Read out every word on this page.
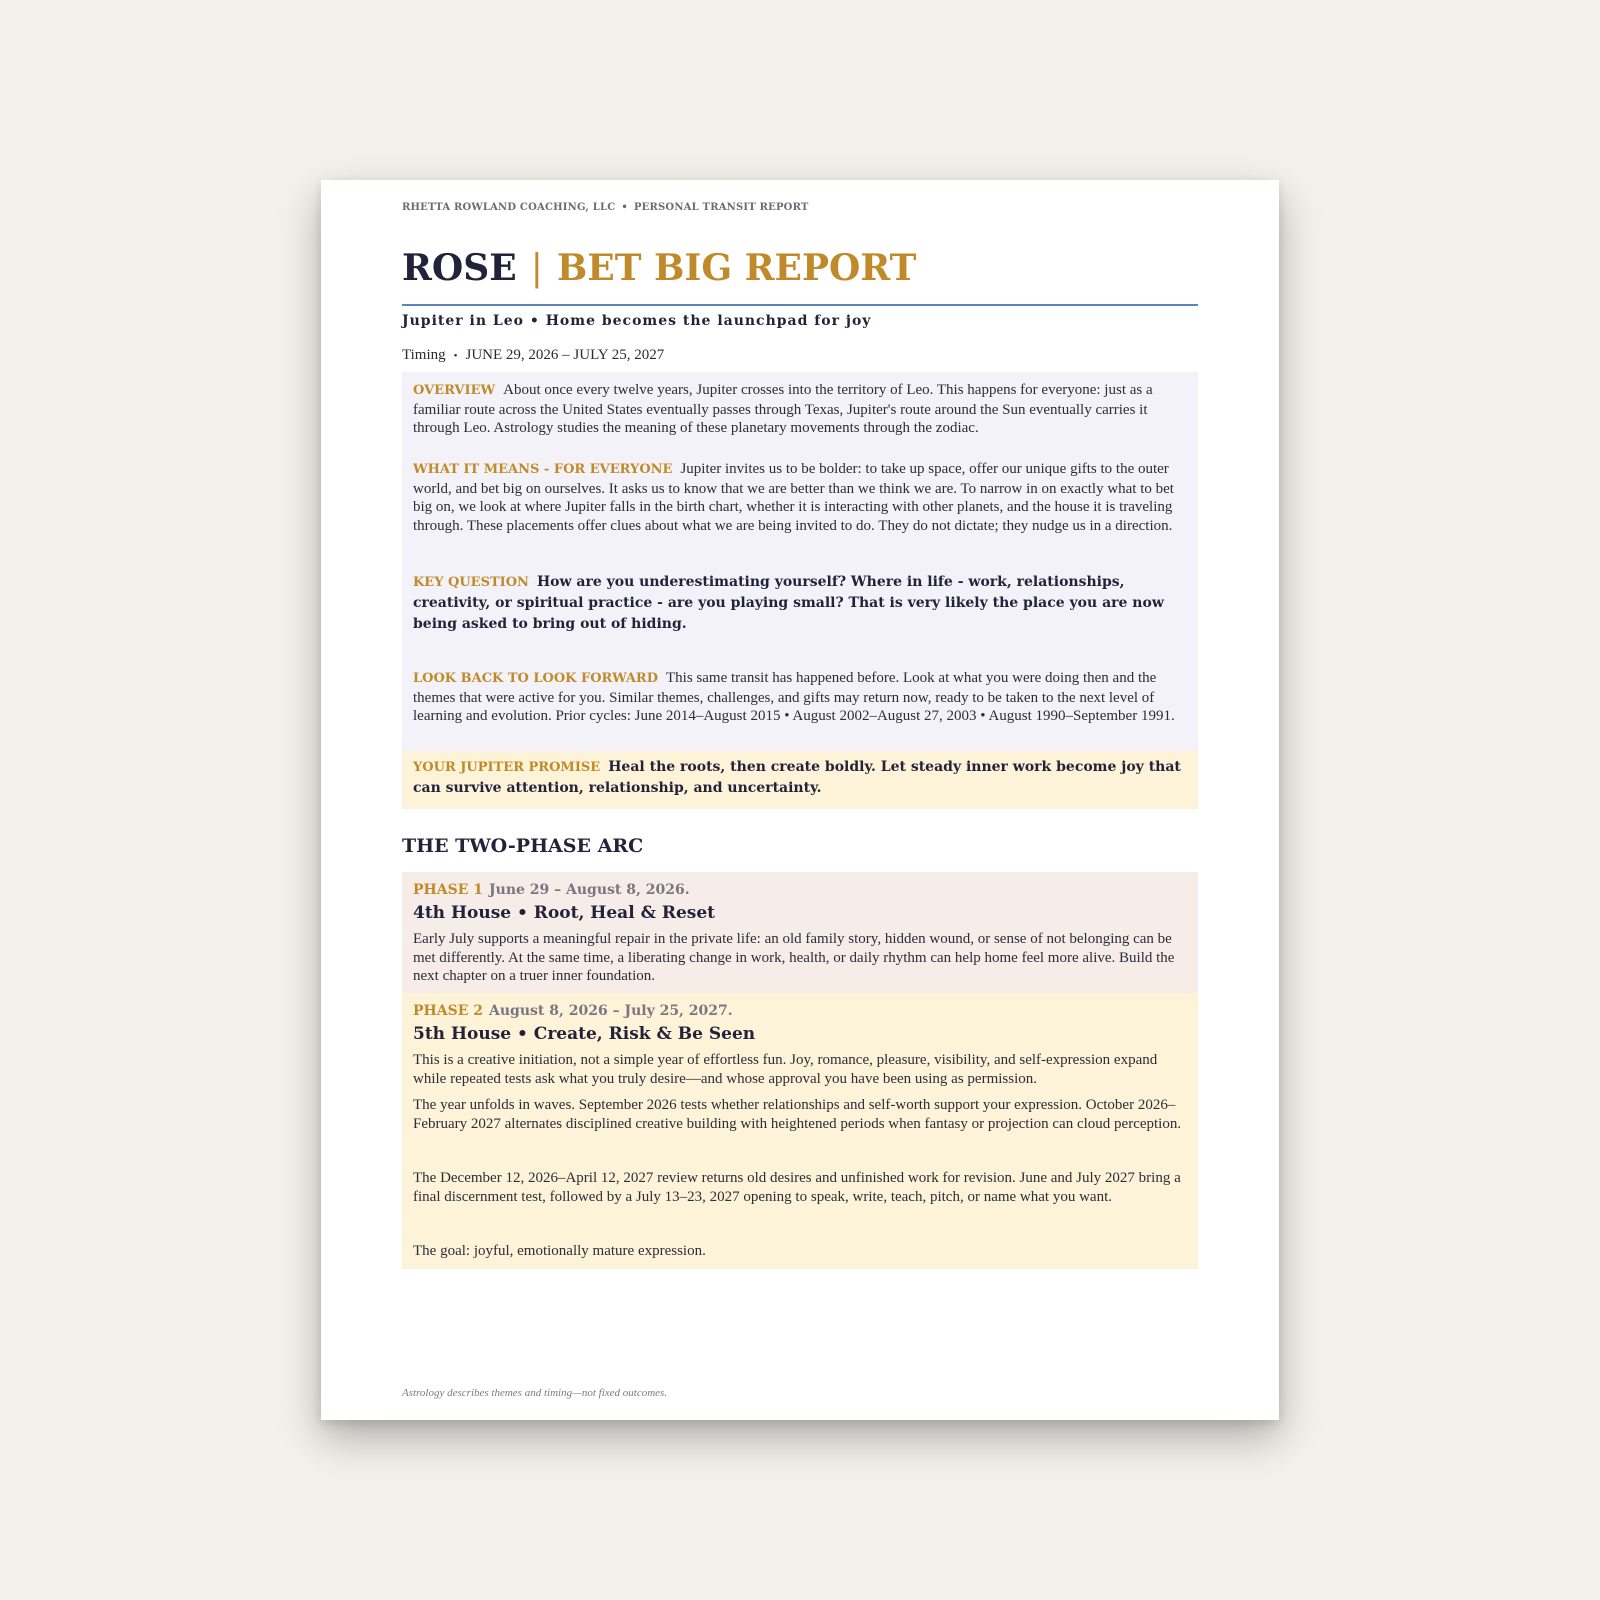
RHETTA ROWLAND COACHING, LLC • PERSONAL TRANSIT REPORT
ROSE | BET BIG REPORT
Jupiter in Leo • Home becomes the launchpad for joy
Timing • JUNE 29, 2026 – JULY 25, 2027
OVERVIEW About once every twelve years, Jupiter crosses into the territory of Leo. This happens for everyone: just as a familiar route across the United States eventually passes through Texas, Jupiter's route around the Sun eventually carries it through Leo. Astrology studies the meaning of these planetary movements through the zodiac.
WHAT IT MEANS - FOR EVERYONE Jupiter invites us to be bolder: to take up space, offer our unique gifts to the outer world, and bet big on ourselves. It asks us to know that we are better than we think we are. To narrow in on exactly what to bet big on, we look at where Jupiter falls in the birth chart, whether it is interacting with other planets, and the house it is traveling through. These placements offer clues about what we are being invited to do. They do not dictate; they nudge us in a direction.
KEY QUESTION How are you underestimating yourself? Where in life - work, relationships, creativity, or spiritual practice - are you playing small? That is very likely the place you are now being asked to bring out of hiding.
LOOK BACK TO LOOK FORWARD This same transit has happened before. Look at what you were doing then and the themes that were active for you. Similar themes, challenges, and gifts may return now, ready to be taken to the next level of learning and evolution. Prior cycles: June 2014–August 2015 • August 2002–August 27, 2003 • August 1990–September 1991.
YOUR JUPITER PROMISE Heal the roots, then create boldly. Let steady inner work become joy that can survive attention, relationship, and uncertainty.
THE TWO-PHASE ARC
PHASE 1 June 29 – August 8, 2026.
4th House • Root, Heal & Reset
Early July supports a meaningful repair in the private life: an old family story, hidden wound, or sense of not belonging can be met differently. At the same time, a liberating change in work, health, or daily rhythm can help home feel more alive. Build the next chapter on a truer inner foundation.
PHASE 2 August 8, 2026 – July 25, 2027.
5th House • Create, Risk & Be Seen
This is a creative initiation, not a simple year of effortless fun. Joy, romance, pleasure, visibility, and self-expression expand while repeated tests ask what you truly desire—and whose approval you have been using as permission.
The year unfolds in waves. September 2026 tests whether relationships and self-worth support your expression. October 2026–February 2027 alternates disciplined creative building with heightened periods when fantasy or projection can cloud perception.
The December 12, 2026–April 12, 2027 review returns old desires and unfinished work for revision. June and July 2027 bring a final discernment test, followed by a July 13–23, 2027 opening to speak, write, teach, pitch, or name what you want.
The goal: joyful, emotionally mature expression.
Astrology describes themes and timing—not fixed outcomes.
